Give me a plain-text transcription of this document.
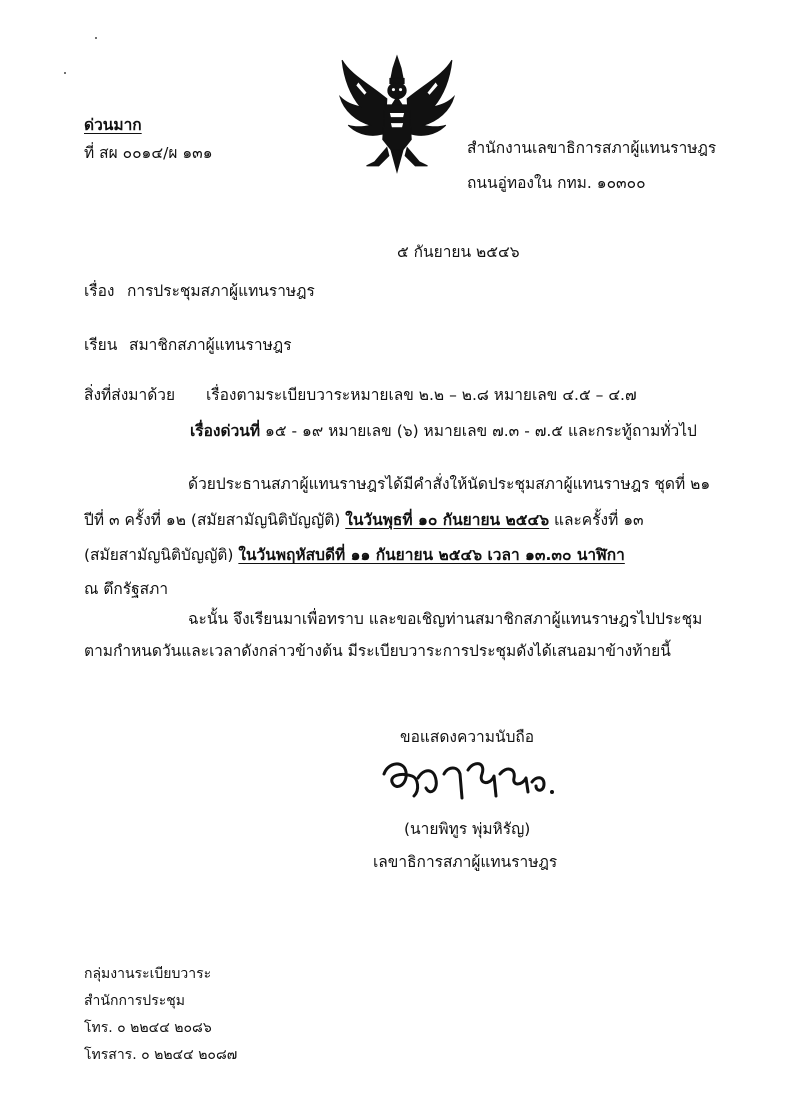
ด่วนมาก
ที่ สผ ๐๐๑๔/ผ ๑๓๑	สำนักงานเลขาธิการสภาผู้แทนราษฎร
ถนนอู่ทองใน กทม. ๑๐๓๐๐
๕ กันยายน ๒๕๔๖
เรื่อง การประชุมสภาผู้แทนราษฎร
เรียน สมาชิกสภาผู้แทนราษฎร
สิ่งที่ส่งมาด้วย เรื่องตามระเบียบวาระหมายเลข ๒.๒ – ๒.๘ หมายเลข ๔.๕ – ๔.๗
เรื่องด่วนที่ ๑๕ - ๑๙ หมายเลข (๖) หมายเลข ๗.๓ - ๗.๕ และกระทู้ถามทั่วไป
ด้วยประธานสภาผู้แทนราษฎรได้มีคำสั่งให้นัดประชุมสภาผู้แทนราษฎร ชุดที่ ๒๑
ปีที่ ๓ ครั้งที่ ๑๒ (สมัยสามัญนิติบัญญัติ) ในวันพุธที่ ๑๐ กันยายน ๒๕๔๖ และครั้งที่ ๑๓
(สมัยสามัญนิติบัญญัติ) ในวันพฤหัสบดีที่ ๑๑ กันยายน ๒๕๔๖ เวลา ๑๓.๓๐ นาฬิกา
ณ ตึกรัฐสภา
ฉะนั้น จึงเรียนมาเพื่อทราบ และขอเชิญท่านสมาชิกสภาผู้แทนราษฎรไปประชุม
ตามกำหนดวันและเวลาดังกล่าวข้างต้น มีระเบียบวาระการประชุมดังได้เสนอมาข้างท้ายนี้
ขอแสดงความนับถือ
(นายพิทูร พุ่มหิรัญ)
เลขาธิการสภาผู้แทนราษฎร
กลุ่มงานระเบียบวาระ
สำนักการประชุม
โทร. ๐ ๒๒๔๔ ๒๐๘๖
โทรสาร. ๐ ๒๒๔๔ ๒๐๘๗
